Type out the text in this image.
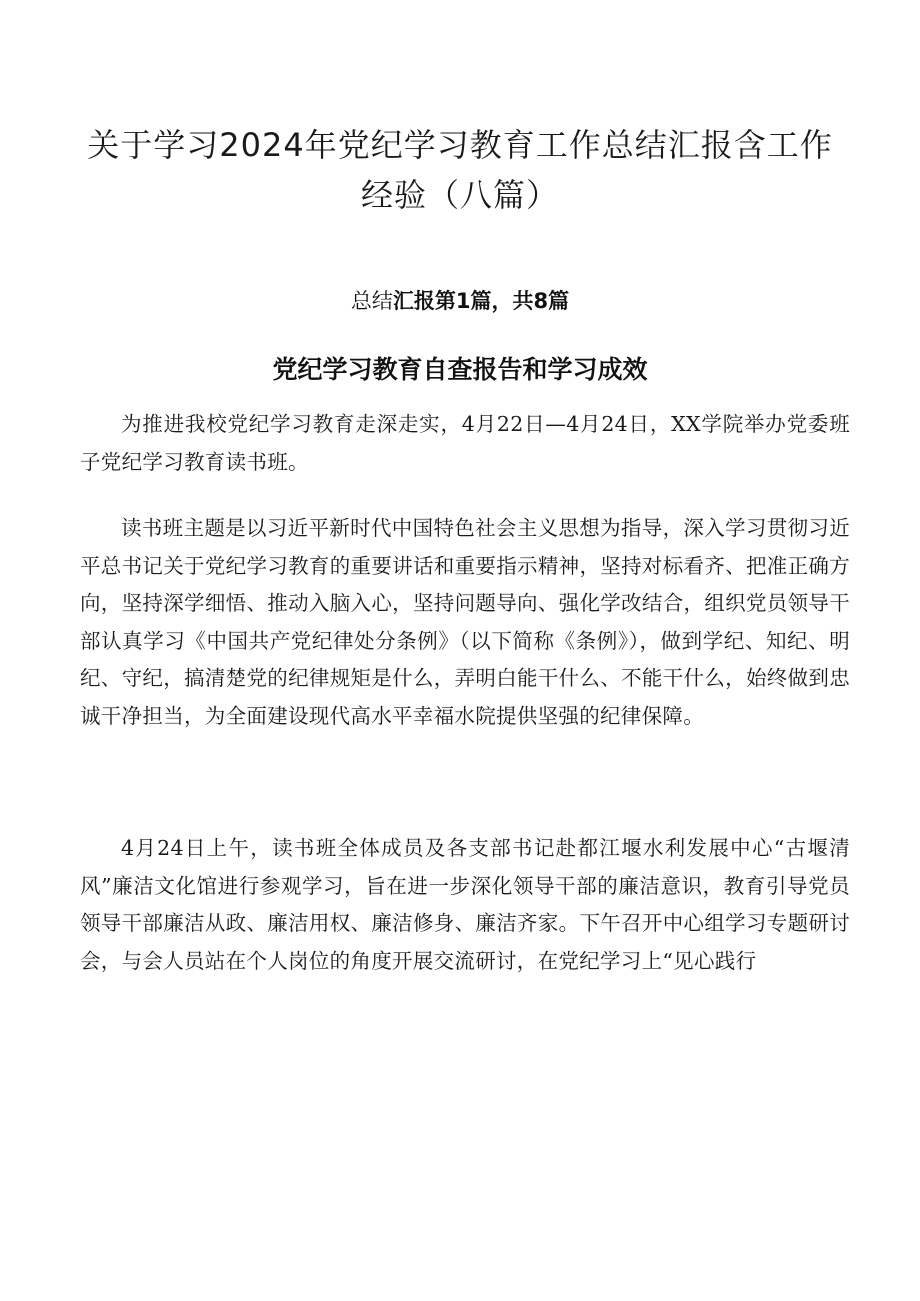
关于学习2024年党纪学习教育工作总结汇报含工作经验（八篇）
总结汇报第1篇，共8篇
党纪学习教育自查报告和学习成效

为推进我校党纪学习教育走深走实，4月22日—4月24日，XX学院举办党委班子党纪学习教育读书班。

读书班主题是以习近平新时代中国特色社会主义思想为指导，深入学习贯彻习近平总书记关于党纪学习教育的重要讲话和重要指示精神，坚持对标看齐、把准正确方向，坚持深学细悟、推动入脑入心，坚持问题导向、强化学改结合，组织党员领导干部认真学习《中国共产党纪律处分条例》（以下简称《条例》），做到学纪、知纪、明纪、守纪，搞清楚党的纪律规矩是什么，弄明白能干什么、不能干什么，始终做到忠诚干净担当，为全面建设现代高水平幸福水院提供坚强的纪律保障。

4月24日上午，读书班全体成员及各支部书记赴都江堰水利发展中心“古堰清风”廉洁文化馆进行参观学习，旨在进一步深化领导干部的廉洁意识，教育引导党员领导干部廉洁从政、廉洁用权、廉洁修身、廉洁齐家。下午召开中心组学习专题研讨会，与会人员站在个人岗位的角度开展交流研讨，在党纪学习上“见心践行
